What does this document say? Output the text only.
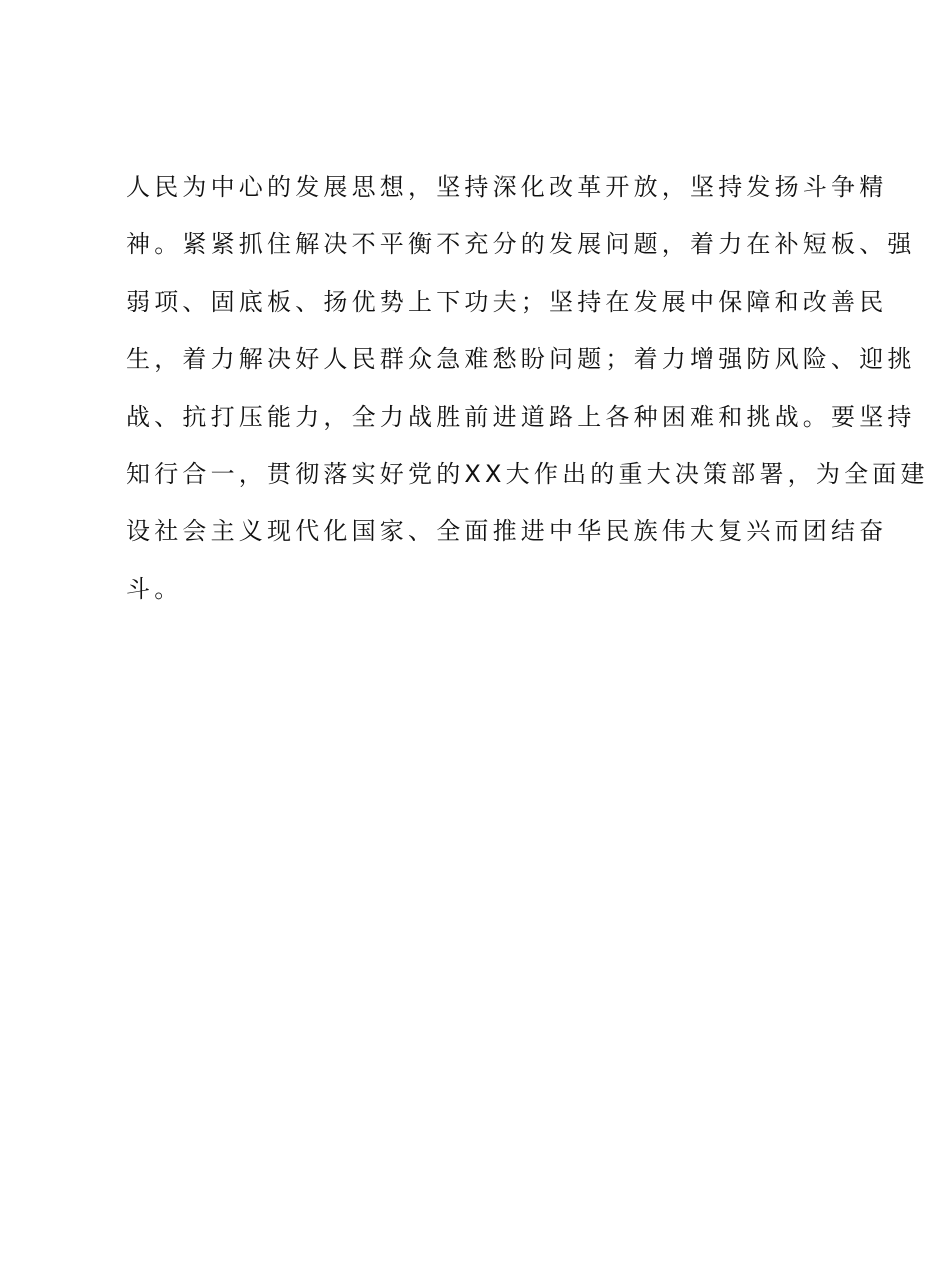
人民为中心的发展思想，坚持深化改革开放，坚持发扬斗争精
神。紧紧抓住解决不平衡不充分的发展问题，着力在补短板、强
弱项、固底板、扬优势上下功夫；坚持在发展中保障和改善民
生，着力解决好人民群众急难愁盼问题；着力增强防风险、迎挑
战、抗打压能力，全力战胜前进道路上各种困难和挑战。要坚持
知行合一，贯彻落实好党的XX大作出的重大决策部署，为全面建
设社会主义现代化国家、全面推进中华民族伟大复兴而团结奋
斗。
